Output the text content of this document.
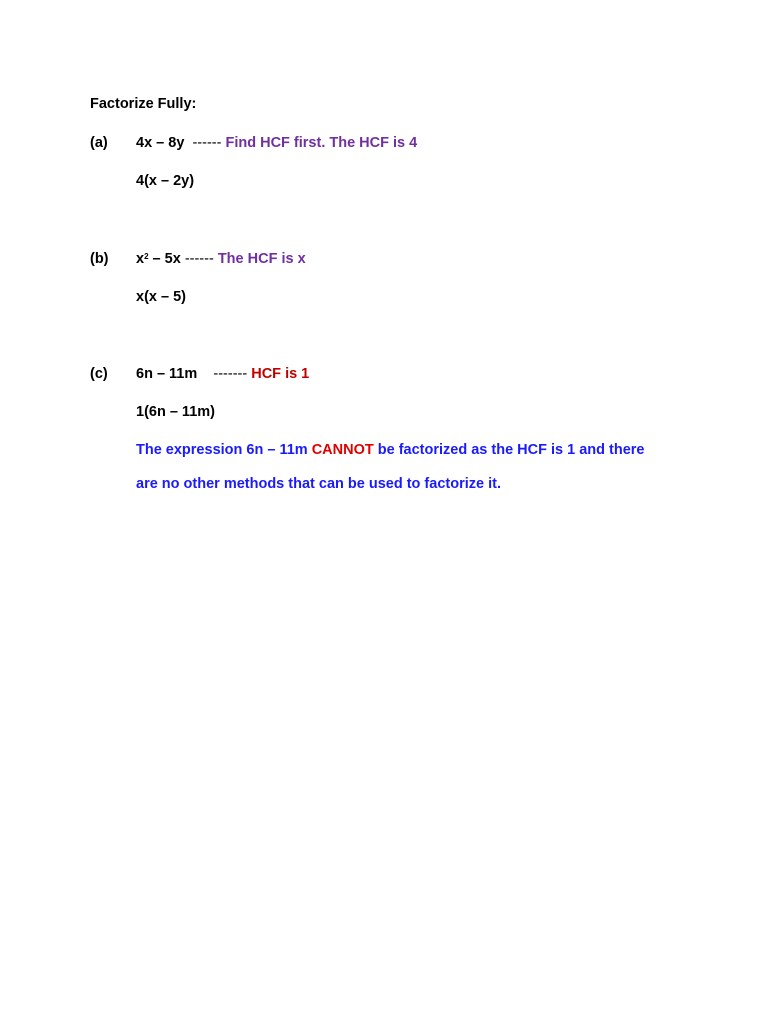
Factorize Fully:
(a) 4x – 8y ------ Find HCF first. The HCF is 4
4(x – 2y)
(b) $x^2 - 5x$ ------ The HCF is x
x(x – 5)
(c) 6n – 11m ------- HCF is 1
1(6n – 11m)
The expression 6n – 11m CANNOT be factorized as the HCF is 1 and there
are no other methods that can be used to factorize it.
